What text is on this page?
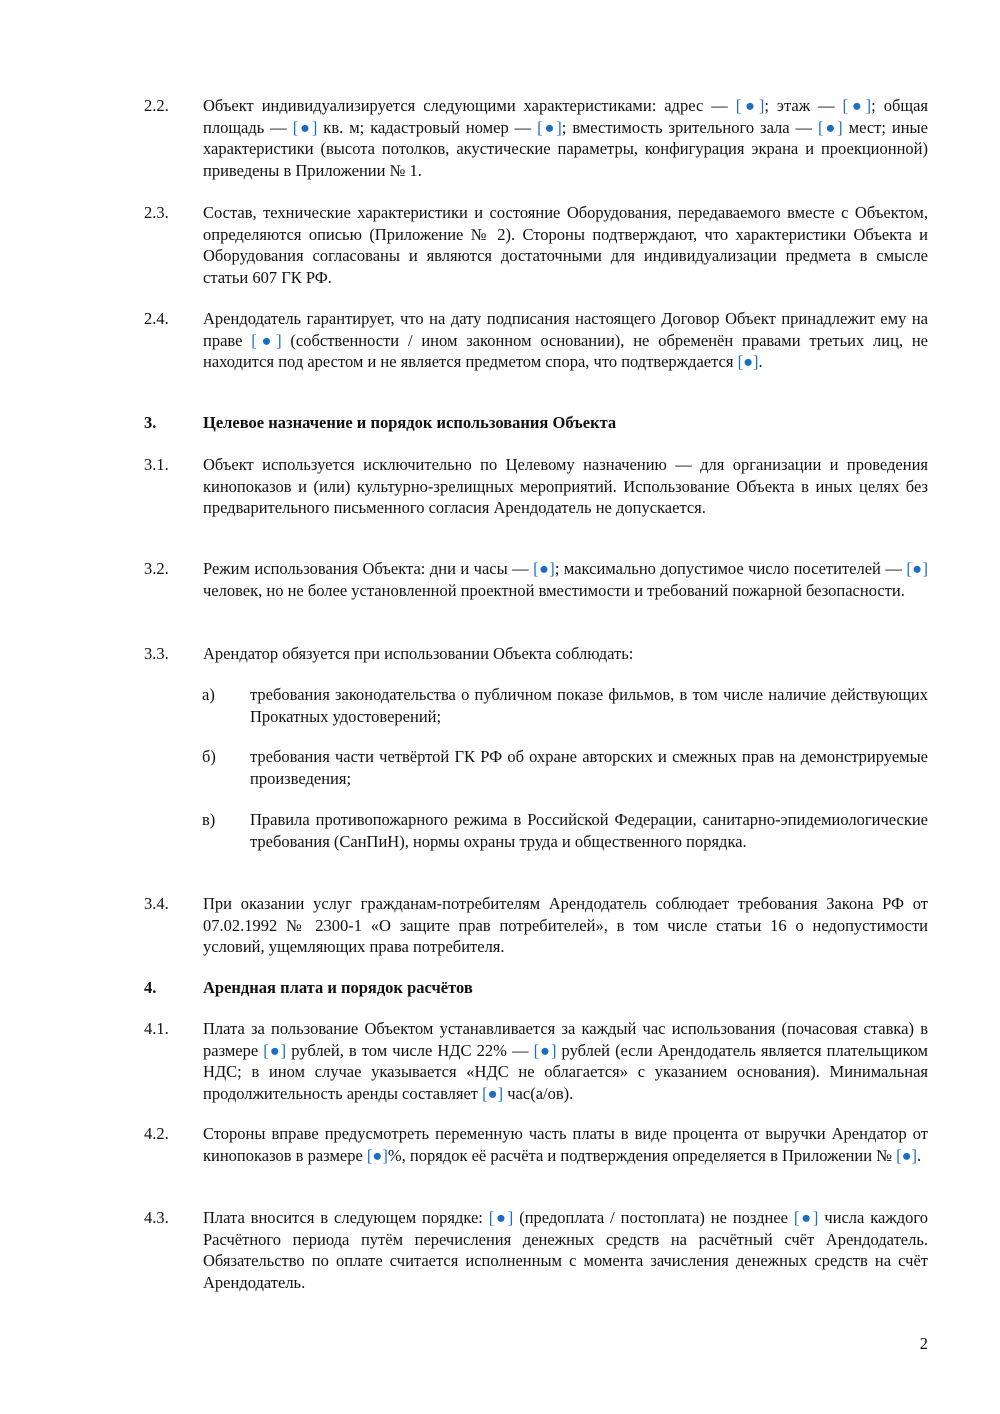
2.2.	Объект индивидуализируется следующими характеристиками: адрес — [●]; этаж — [●]; общая площадь — [●] кв. м; кадастровый номер — [●]; вместимость зрительного зала — [●] мест; иные характеристики (высота потолков, акустические параметры, конфигурация экрана и проекционной) приведены в Приложении № 1.
2.3.	Состав, технические характеристики и состояние Оборудования, передаваемого вместе с Объектом, определяются описью (Приложение № 2). Стороны подтверждают, что характеристики Объекта и Оборудования согласованы и являются достаточными для индивидуализации предмета в смысле статьи 607 ГК РФ.
2.4.	Арендодатель гарантирует, что на дату подписания настоящего Договор Объект принадлежит ему на праве [●] (собственности / ином законном основании), не обременён правами третьих лиц, не находится под арестом и не является предметом спора, что подтверждается [●].
3.	Целевое назначение и порядок использования Объекта
3.1.	Объект используется исключительно по Целевому назначению — для организации и проведения кинопоказов и (или) культурно-зрелищных мероприятий. Использование Объекта в иных целях без предварительного письменного согласия Арендодатель не допускается.
3.2.	Режим использования Объекта: дни и часы — [●]; максимально допустимое число посетителей — [●] человек, но не более установленной проектной вместимости и требований пожарной безопасности.
3.3.	Арендатор обязуется при использовании Объекта соблюдать:
а)	требования законодательства о публичном показе фильмов, в том числе наличие действующих Прокатных удостоверений;
б)	требования части четвёртой ГК РФ об охране авторских и смежных прав на демонстрируемые произведения;
в)	Правила противопожарного режима в Российской Федерации, санитарно-эпидемиологические требования (СанПиН), нормы охраны труда и общественного порядка.
3.4.	При оказании услуг гражданам-потребителям Арендодатель соблюдает требования Закона РФ от 07.02.1992 № 2300-1 «О защите прав потребителей», в том числе статьи 16 о недопустимости условий, ущемляющих права потребителя.
4.	Арендная плата и порядок расчётов
4.1.	Плата за пользование Объектом устанавливается за каждый час использования (почасовая ставка) в размере [●] рублей, в том числе НДС 22% — [●] рублей (если Арендодатель является плательщиком НДС; в ином случае указывается «НДС не облагается» с указанием основания). Минимальная продолжительность аренды составляет [●] час(а/ов).
4.2.	Стороны вправе предусмотреть переменную часть платы в виде процента от выручки Арендатор от кинопоказов в размере [●]%, порядок её расчёта и подтверждения определяется в Приложении № [●].
4.3.	Плата вносится в следующем порядке: [●] (предоплата / постоплата) не позднее [●] числа каждого Расчётного периода путём перечисления денежных средств на расчётный счёт Арендодатель. Обязательство по оплате считается исполненным с момента зачисления денежных средств на счёт Арендодатель.
2
